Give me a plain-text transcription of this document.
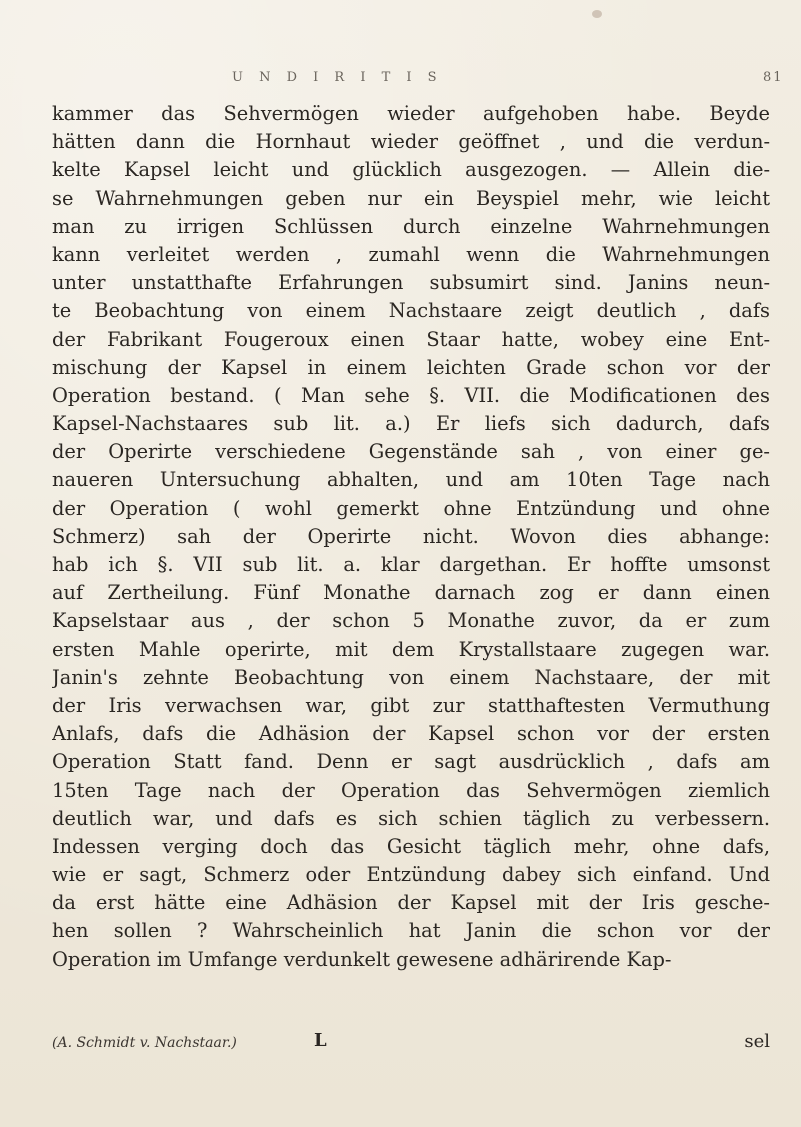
U N D I R I T I S	81
kammer das Sehvermögen wieder aufgehoben habe. Beyde
hätten dann die Hornhaut wieder geöffnet , und die verdun-
kelte Kapsel leicht und glücklich ausgezogen. — Allein die-
se Wahrnehmungen geben nur ein Beyspiel mehr, wie leicht
man zu irrigen Schlüssen durch einzelne Wahrnehmungen
kann verleitet werden , zumahl wenn die Wahrnehmungen
unter unstatthafte Erfahrungen subsumirt sind. Janins neun-
te Beobachtung von einem Nachstaare zeigt deutlich , dafs
der Fabrikant Fougeroux einen Staar hatte, wobey eine Ent-
mischung der Kapsel in einem leichten Grade schon vor der
Operation bestand. ( Man sehe §. VII. die Modificationen des
Kapsel-Nachstaares sub lit. a.) Er liefs sich dadurch, dafs
der Operirte verschiedene Gegenstände sah , von einer ge-
naueren Untersuchung abhalten, und am 10ten Tage nach
der Operation ( wohl gemerkt ohne Entzündung und ohne
Schmerz) sah der Operirte nicht. Wovon dies abhange:
hab ich §. VII sub lit. a. klar dargethan. Er hoffte umsonst
auf Zertheilung. Fünf Monathe darnach zog er dann einen
Kapselstaar aus , der schon 5 Monathe zuvor, da er zum
ersten Mahle operirte, mit dem Krystallstaare zugegen war.
Janin's zehnte Beobachtung von einem Nachstaare, der mit
der Iris verwachsen war, gibt zur statthaftesten Vermuthung
Anlafs, dafs die Adhäsion der Kapsel schon vor der ersten
Operation Statt fand. Denn er sagt ausdrücklich , dafs am
15ten Tage nach der Operation das Sehvermögen ziemlich
deutlich war, und dafs es sich schien täglich zu verbessern.
Indessen verging doch das Gesicht täglich mehr, ohne dafs,
wie er sagt, Schmerz oder Entzündung dabey sich einfand. Und
da erst hätte eine Adhäsion der Kapsel mit der Iris gesche-
hen sollen ? Wahrscheinlich hat Janin die schon vor der
Operation im Umfange verdunkelt gewesene adhärirende Kap-
(A. Schmidt v. Nachstaar.)	L	sel
